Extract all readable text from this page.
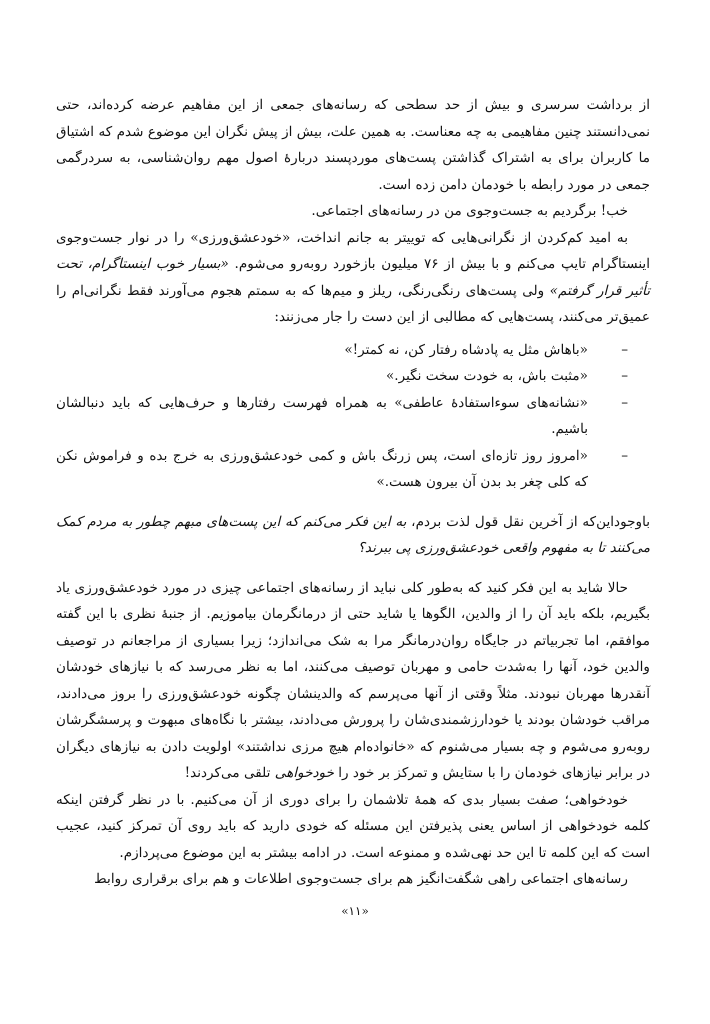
از برداشت سرسری و بیش از حد سطحی که رسانه‌های جمعی از این مفاهیم عرضه کرده‌اند، حتی نمی‌دانستند چنین مفاهیمی به چه معناست. به همین علت، بیش از پیش نگران این موضوع شدم که اشتیاق ما کاربران برای به اشتراک گذاشتن پست‌های موردپسند دربارهٔ اصول مهم روان‌شناسی، به سردرگمی جمعی در مورد رابطه با خودمان دامن زده است.

خب! برگردیم به جست‌وجوی من در رسانه‌های اجتماعی.

به امید کم‌کردن از نگرانی‌هایی که توییتر به جانم انداخت، «خودعشق‌ورزی» را در نوار جست‌وجوی اینستاگرام تایپ می‌کنم و با بیش از ۷۶ میلیون بازخورد روبه‌رو می‌شوم. «بسیار خوب اینستاگرام، تحت تأثیر قرار گرفتم» ولی پست‌های رنگی‌رنگی، ریلز و میم‌ها که به سمتم هجوم می‌آورند فقط نگرانی‌ام را عمیق‌تر می‌کنند، پست‌هایی که مطالبی از این دست را جار می‌زنند:

– «باهاش مثل یه پادشاه رفتار کن، نه کمتر!»
– «مثبت باش، به خودت سخت نگیر.»
– «نشانه‌های سوءاستفادهٔ عاطفی» به همراه فهرست رفتارها و حرف‌هایی که باید دنبالشان باشیم.
– «امروز روز تازه‌ای است، پس زرنگ باش و کمی خودعشق‌ورزی به خرج بده و فراموش نکن که کلی چغر بد بدن آن بیرون هست.»

باوجوداین‌که از آخرین نقل قول لذت بردم، به این فکر می‌کنم که این پست‌های مبهم چطور به مردم کمک می‌کنند تا به مفهوم واقعی خودعشق‌ورزی پی ببرند؟

حالا شاید به این فکر کنید که به‌طور کلی نباید از رسانه‌های اجتماعی چیزی در مورد خودعشق‌ورزی یاد بگیریم، بلکه باید آن را از والدین، الگوها یا شاید حتی از درمانگرمان بیاموزیم. از جنبهٔ نظری با این گفته موافقم، اما تجربیاتم در جایگاه روان‌درمانگر مرا به شک می‌اندازد؛ زیرا بسیاری از مراجعانم در توصیف والدین خود، آنها را به‌شدت حامی و مهربان توصیف می‌کنند، اما به نظر می‌رسد که با نیازهای خودشان آنقدرها مهربان نبودند. مثلاً وقتی از آنها می‌پرسم که والدینشان چگونه خودعشق‌ورزی را بروز می‌دادند، مراقب خودشان بودند یا خودارزشمندی‌شان را پرورش می‌دادند، بیشتر با نگاه‌های مبهوت و پرسشگرشان روبه‌رو می‌شوم و چه بسیار می‌شنوم که «خانواده‌ام هیچ مرزی نداشتند» اولویت دادن به نیازهای دیگران در برابر نیازهای خودمان را با ستایش و تمرکز بر خود را خودخواهی تلقی می‌کردند!

خودخواهی؛ صفت بسیار بدی که همهٔ تلاشمان را برای دوری از آن می‌کنیم. با در نظر گرفتن اینکه کلمه خودخواهی از اساس یعنی پذیرفتن این مسئله که خودی دارید که باید روی آن تمرکز کنید، عجیب است که این کلمه تا این حد نهی‌شده و ممنوعه است. در ادامه بیشتر به این موضوع می‌پردازم.

رسانه‌های اجتماعی راهی شگفت‌انگیز هم برای جست‌وجوی اطلاعات و هم برای برقراری روابط

«۱۱»
